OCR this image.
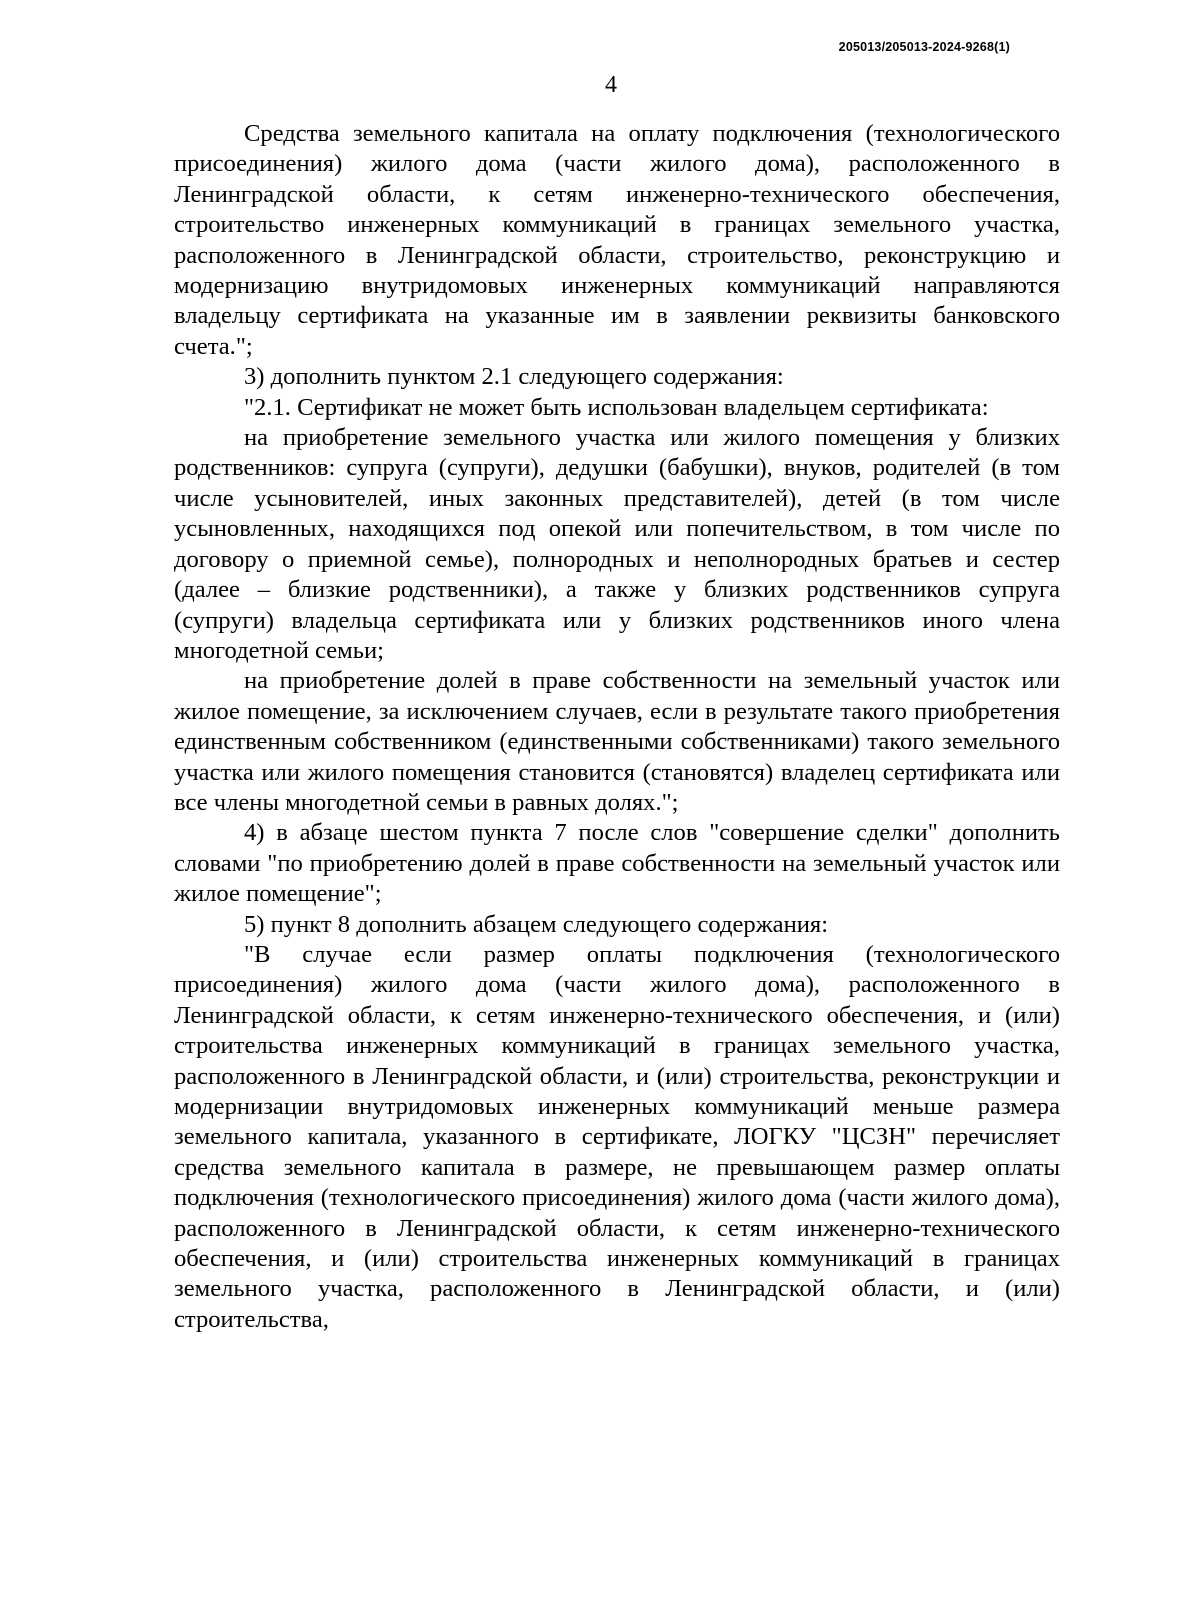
205013/205013-2024-9268(1)
4

Средства земельного капитала на оплату подключения (технологического присоединения) жилого дома (части жилого дома), расположенного в Ленинградской области, к сетям инженерно-технического обеспечения, строительство инженерных коммуникаций в границах земельного участка, расположенного в Ленинградской области, строительство, реконструкцию и модернизацию внутридомовых инженерных коммуникаций направляются владельцу сертификата на указанные им в заявлении реквизиты банковского счета.";

3) дополнить пунктом 2.1 следующего содержания:

"2.1. Сертификат не может быть использован владельцем сертификата:

на приобретение земельного участка или жилого помещения у близких родственников: супруга (супруги), дедушки (бабушки), внуков, родителей (в том числе усыновителей, иных законных представителей), детей (в том числе усыновленных, находящихся под опекой или попечительством, в том числе по договору о приемной семье), полнородных и неполнородных братьев и сестер (далее – близкие родственники), а также у близких родственников супруга (супруги) владельца сертификата или у близких родственников иного члена многодетной семьи;

на приобретение долей в праве собственности на земельный участок или жилое помещение, за исключением случаев, если в результате такого приобретения единственным собственником (единственными собственниками) такого земельного участка или жилого помещения становится (становятся) владелец сертификата или все члены многодетной семьи в равных долях.";

4) в абзаце шестом пункта 7 после слов "совершение сделки" дополнить словами "по приобретению долей в праве собственности на земельный участок или жилое помещение";

5) пункт 8 дополнить абзацем следующего содержания:

"В случае если размер оплаты подключения (технологического присоединения) жилого дома (части жилого дома), расположенного в Ленинградской области, к сетям инженерно-технического обеспечения, и (или) строительства инженерных коммуникаций в границах земельного участка, расположенного в Ленинградской области, и (или) строительства, реконструкции и модернизации внутридомовых инженерных коммуникаций меньше размера земельного капитала, указанного в сертификате, ЛОГКУ "ЦСЗН" перечисляет средства земельного капитала в размере, не превышающем размер оплаты подключения (технологического присоединения) жилого дома (части жилого дома), расположенного в Ленинградской области, к сетям инженерно-технического обеспечения, и (или) строительства инженерных коммуникаций в границах земельного участка, расположенного в Ленинградской области, и (или) строительства,
